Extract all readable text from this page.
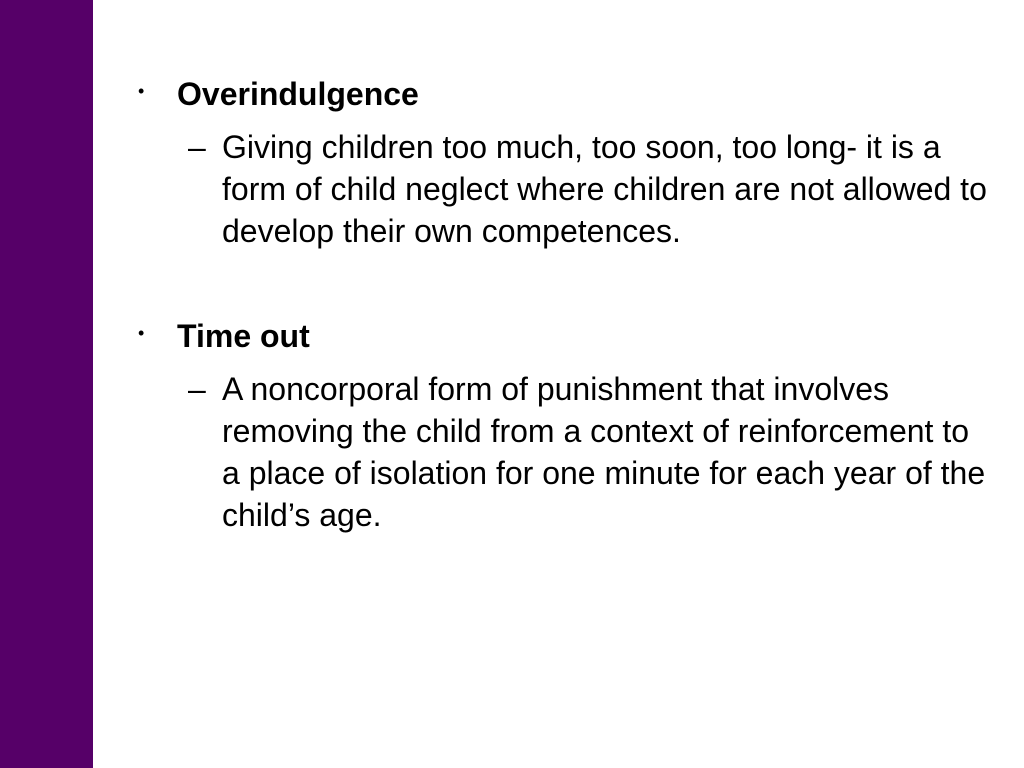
• Overindulgence
– Giving children too much, too soon, too long- it is a form of child neglect where children are not allowed to develop their own competences.
• Time out
– A noncorporal form of punishment that involves removing the child from a context of reinforcement to a place of isolation for one minute for each year of the child’s age.
